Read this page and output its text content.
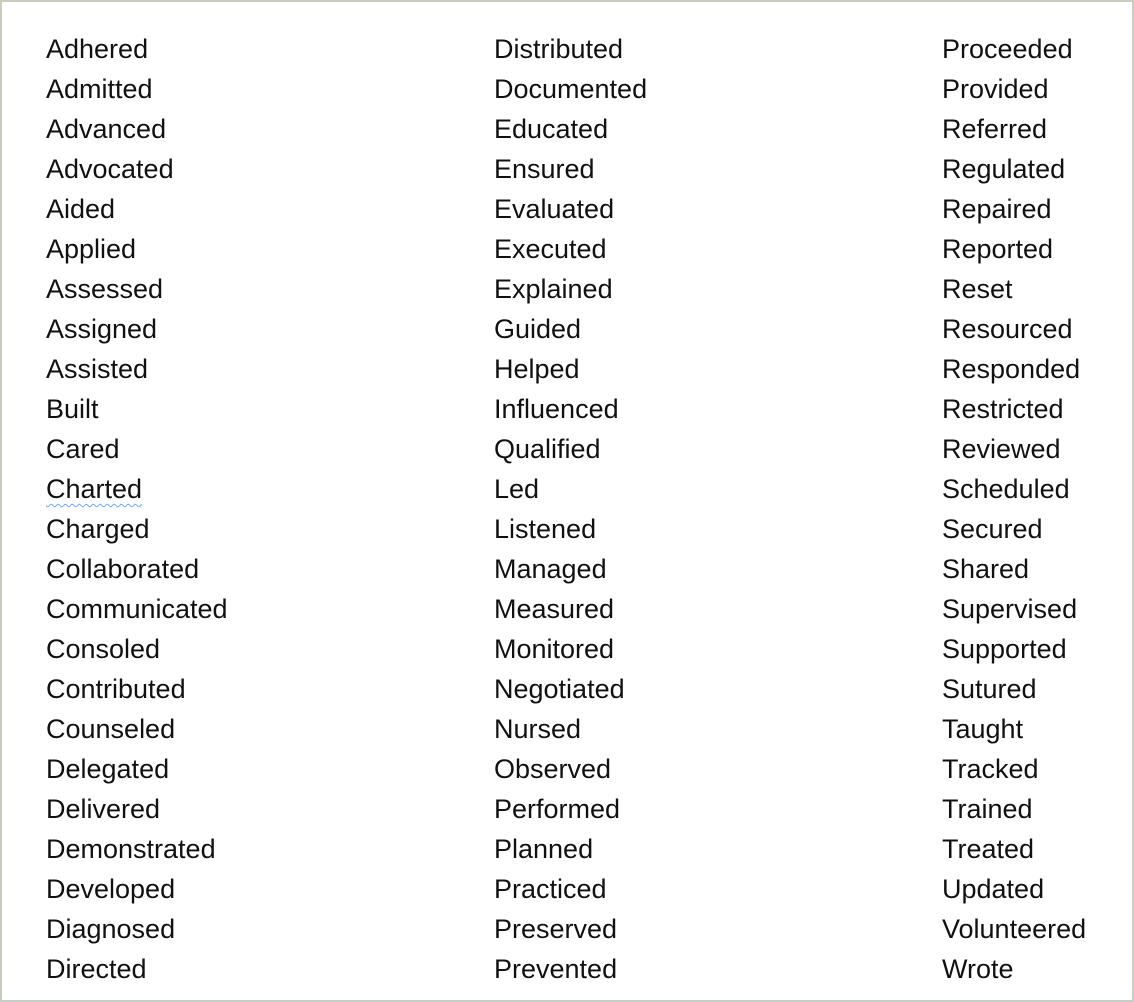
Adhered
Admitted
Advanced
Advocated
Aided
Applied
Assessed
Assigned
Assisted
Built
Cared
Charted
Charged
Collaborated
Communicated
Consoled
Contributed
Counseled
Delegated
Delivered
Demonstrated
Developed
Diagnosed
Directed
Distributed
Documented
Educated
Ensured
Evaluated
Executed
Explained
Guided
Helped
Influenced
Qualified
Led
Listened
Managed
Measured
Monitored
Negotiated
Nursed
Observed
Performed
Planned
Practiced
Preserved
Prevented
Proceeded
Provided
Referred
Regulated
Repaired
Reported
Reset
Resourced
Responded
Restricted
Reviewed
Scheduled
Secured
Shared
Supervised
Supported
Sutured
Taught
Tracked
Trained
Treated
Updated
Volunteered
Wrote
